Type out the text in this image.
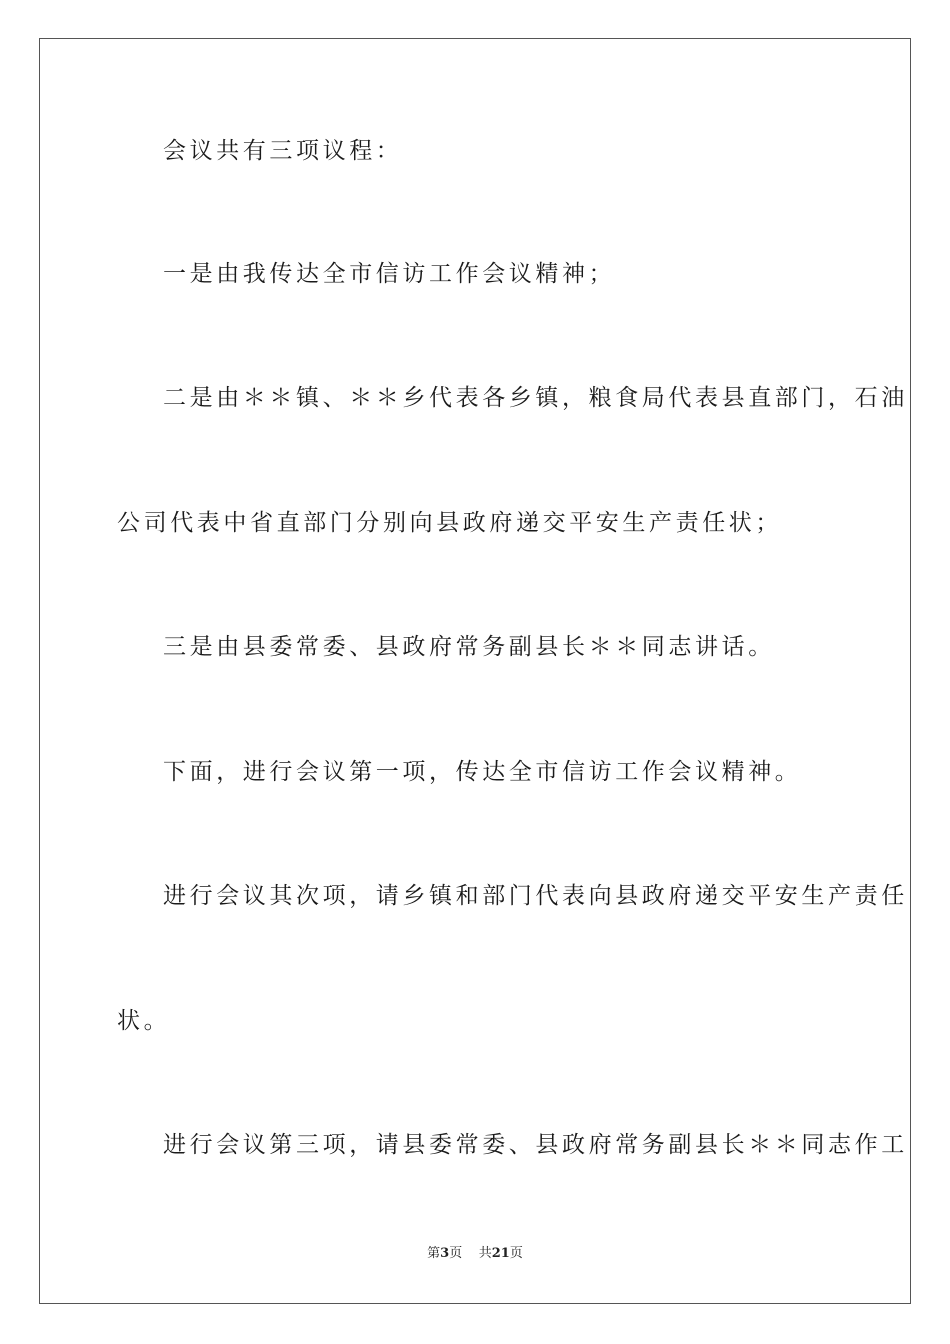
会议共有三项议程：
一是由我传达全市信访工作会议精神；
二是由＊＊镇、＊＊乡代表各乡镇，粮食局代表县直部门，石油
公司代表中省直部门分别向县政府递交平安生产责任状；
三是由县委常委、县政府常务副县长＊＊同志讲话。
下面，进行会议第一项，传达全市信访工作会议精神。
进行会议其次项，请乡镇和部门代表向县政府递交平安生产责任
状。
进行会议第三项，请县委常委、县政府常务副县长＊＊同志作工
第3页 共21页
